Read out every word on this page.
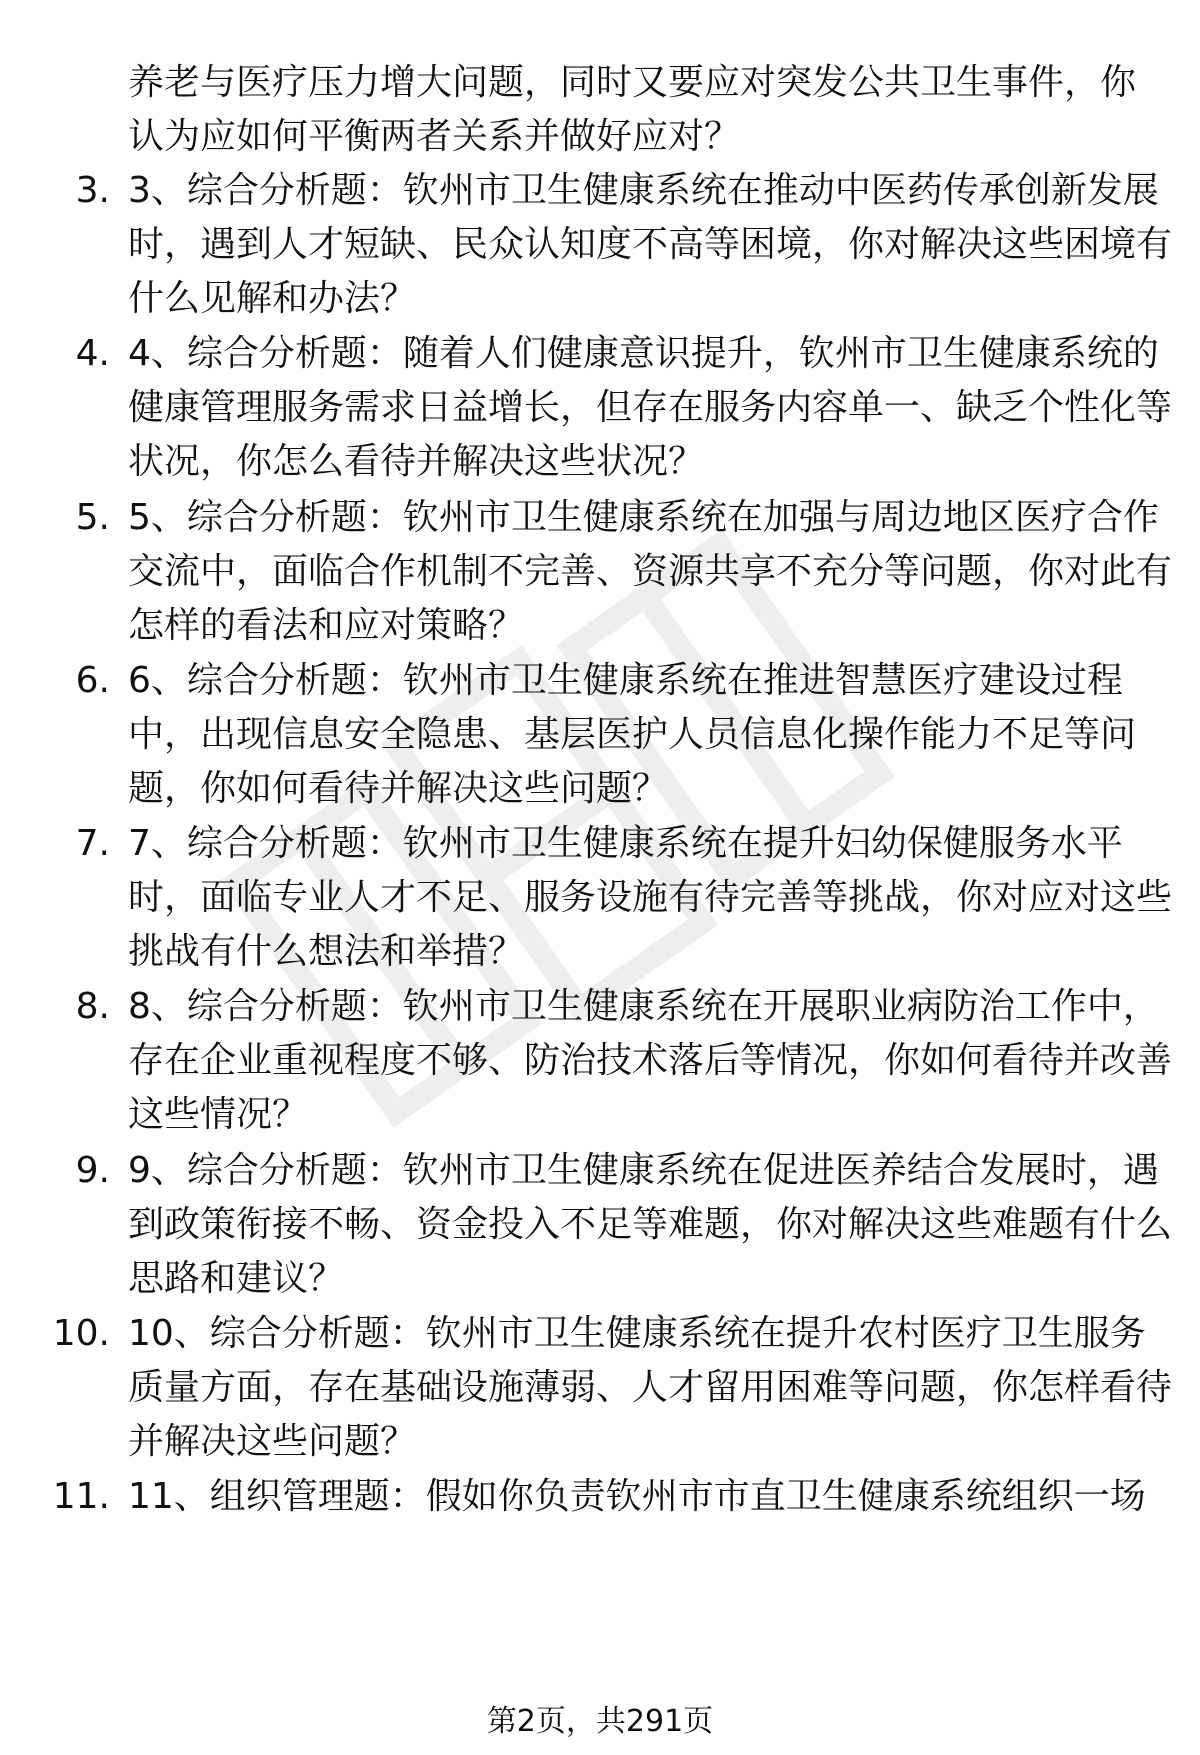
养老与医疗压力增大问题，同时又要应对突发公共卫生事件，你认为应如何平衡两者关系并做好应对？

3. 3、综合分析题：钦州市卫生健康系统在推动中医药传承创新发展时，遇到人才短缺、民众认知度不高等困境，你对解决这些困境有什么见解和办法？

4. 4、综合分析题：随着人们健康意识提升，钦州市卫生健康系统的健康管理服务需求日益增长，但存在服务内容单一、缺乏个性化等状况，你怎么看待并解决这些状况？

5. 5、综合分析题：钦州市卫生健康系统在加强与周边地区医疗合作交流中，面临合作机制不完善、资源共享不充分等问题，你对此有怎样的看法和应对策略？

6. 6、综合分析题：钦州市卫生健康系统在推进智慧医疗建设过程中，出现信息安全隐患、基层医护人员信息化操作能力不足等问题，你如何看待并解决这些问题？

7. 7、综合分析题：钦州市卫生健康系统在提升妇幼保健服务水平时，面临专业人才不足、服务设施有待完善等挑战，你对应对这些挑战有什么想法和举措？

8. 8、综合分析题：钦州市卫生健康系统在开展职业病防治工作中，存在企业重视程度不够、防治技术落后等情况，你如何看待并改善这些情况？

9. 9、综合分析题：钦州市卫生健康系统在促进医养结合发展时，遇到政策衔接不畅、资金投入不足等难题，你对解决这些难题有什么思路和建议？

10. 10、综合分析题：钦州市卫生健康系统在提升农村医疗卫生服务质量方面，存在基础设施薄弱、人才留用困难等问题，你怎样看待并解决这些问题？

11. 11、组织管理题：假如你负责钦州市市直卫生健康系统组织一场

第2页，共291页
